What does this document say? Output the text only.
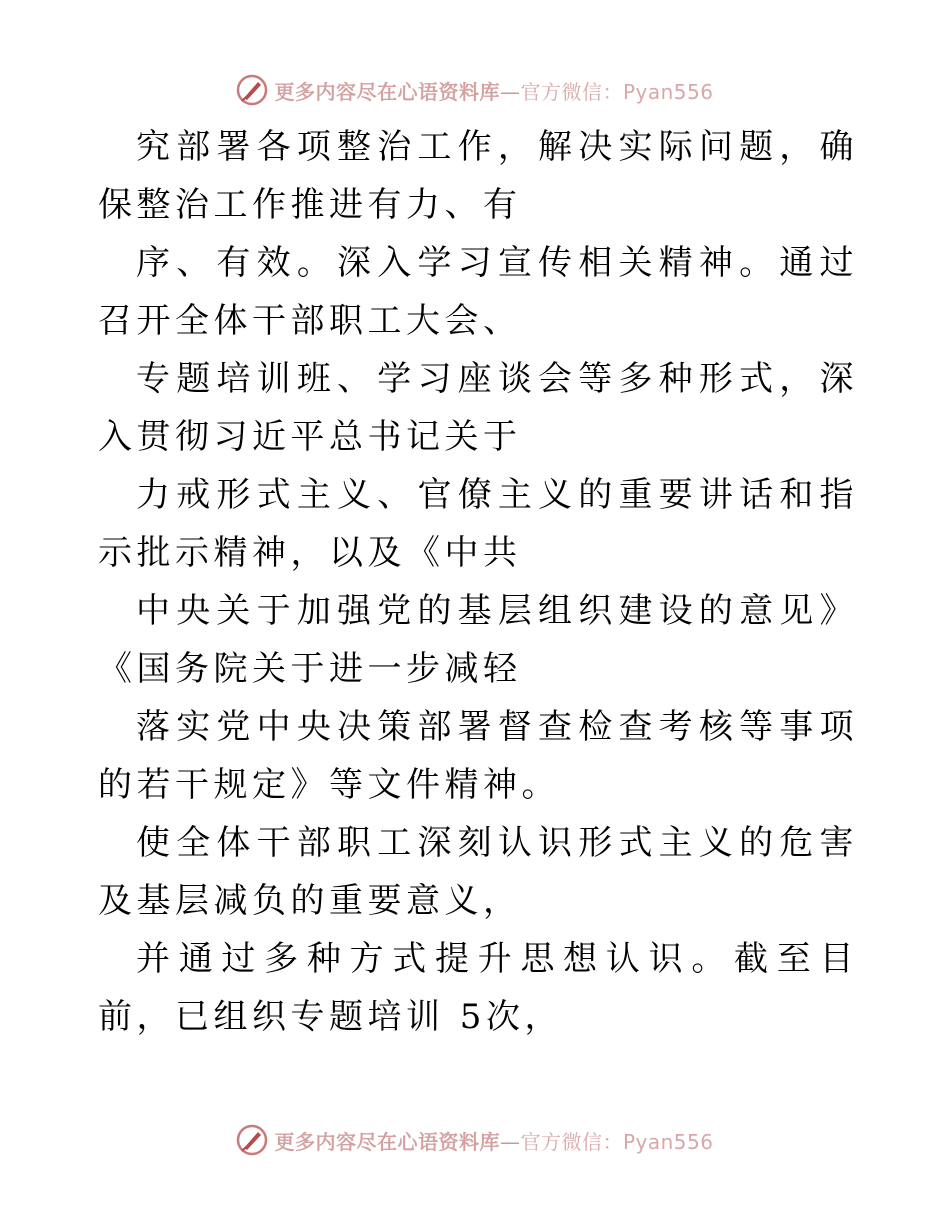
更多内容尽在心语资料库—官方微信：Pyan556

究部署各项整治工作，解决实际问题，确保整治工作推进有力、有

序、有效。深入学习宣传相关精神。通过召开全体干部职工大会、

专题培训班、学习座谈会等多种形式，深入贯彻习近平总书记关于

力戒形式主义、官僚主义的重要讲话和指示批示精神，以及《中共

中央关于加强党的基层组织建设的意见》《国务院关于进一步减轻

落实党中央决策部署督查检查考核等事项的若干规定》等文件精神。

使全体干部职工深刻认识形式主义的危害及基层减负的重要意义，

并通过多种方式提升思想认识。截至目前，已组织专题培训 5次，

更多内容尽在心语资料库—官方微信：Pyan556
